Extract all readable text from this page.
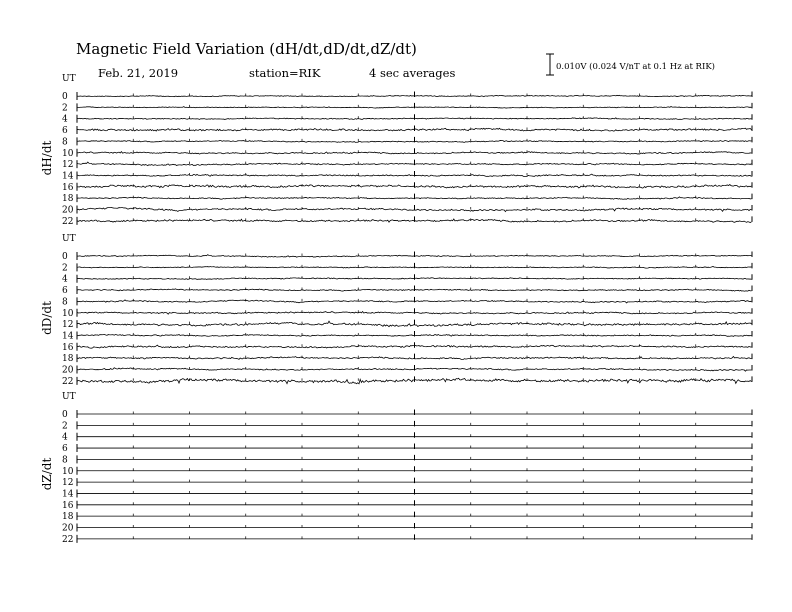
Magnetic Field Variation (dH/dt,dD/dt,dZ/dt)
Feb. 21, 2019	station=RIK	4 sec averages	0.010V (0.024 V/nT at 0.1 Hz at RIK)
UT
dH/dt
0
2
4
6
8
10
12
14
16
18
20
22
UT
dD/dt
0
2
4
6
8
10
12
14
16
18
20
22
UT
dZ/dt
0
2
4
6
8
10
12
14
16
18
20
22
